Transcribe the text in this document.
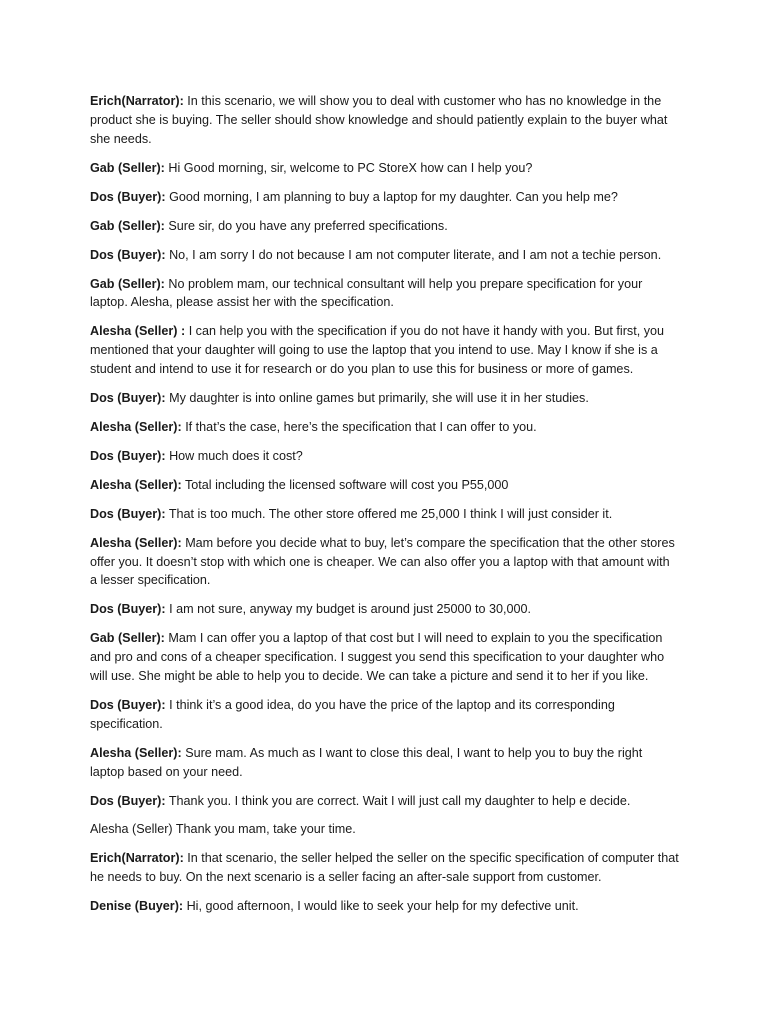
Erich(Narrator): In this scenario, we will show you to deal with customer who has no knowledge in the product she is buying. The seller should show knowledge and should patiently explain to the buyer what she needs.

Gab (Seller): Hi Good morning, sir, welcome to PC StoreX how can I help you?

Dos (Buyer): Good morning, I am planning to buy a laptop for my daughter. Can you help me?

Gab (Seller): Sure sir, do you have any preferred specifications.

Dos (Buyer): No, I am sorry I do not because I am not computer literate, and I am not a techie person.

Gab (Seller): No problem mam, our technical consultant will help you prepare specification for your laptop. Alesha, please assist her with the specification.

Alesha (Seller) : I can help you with the specification if you do not have it handy with you. But first, you mentioned that your daughter will going to use the laptop that you intend to use. May I know if she is a student and intend to use it for research or do you plan to use this for business or more of games.

Dos (Buyer): My daughter is into online games but primarily, she will use it in her studies.

Alesha (Seller): If that’s the case, here’s the specification that I can offer to you.

Dos (Buyer): How much does it cost?

Alesha (Seller): Total including the licensed software will cost you P55,000

Dos (Buyer): That is too much. The other store offered me 25,000 I think I will just consider it.

Alesha (Seller): Mam before you decide what to buy, let’s compare the specification that the other stores offer you. It doesn’t stop with which one is cheaper. We can also offer you a laptop with that amount with a lesser specification.

Dos (Buyer): I am not sure, anyway my budget is around just 25000 to 30,000.

Gab (Seller): Mam I can offer you a laptop of that cost but I will need to explain to you the specification and pro and cons of a cheaper specification. I suggest you send this specification to your daughter who will use. She might be able to help you to decide. We can take a picture and send it to her if you like.

Dos (Buyer): I think it’s a good idea, do you have the price of the laptop and its corresponding specification.

Alesha (Seller): Sure mam. As much as I want to close this deal, I want to help you to buy the right laptop based on your need.

Dos (Buyer): Thank you. I think you are correct. Wait I will just call my daughter to help e decide.

Alesha (Seller) Thank you mam, take your time.

Erich(Narrator): In that scenario, the seller helped the seller on the specific specification of computer that he needs to buy. On the next scenario is a seller facing an after-sale support from customer.

Denise (Buyer): Hi, good afternoon, I would like to seek your help for my defective unit.
